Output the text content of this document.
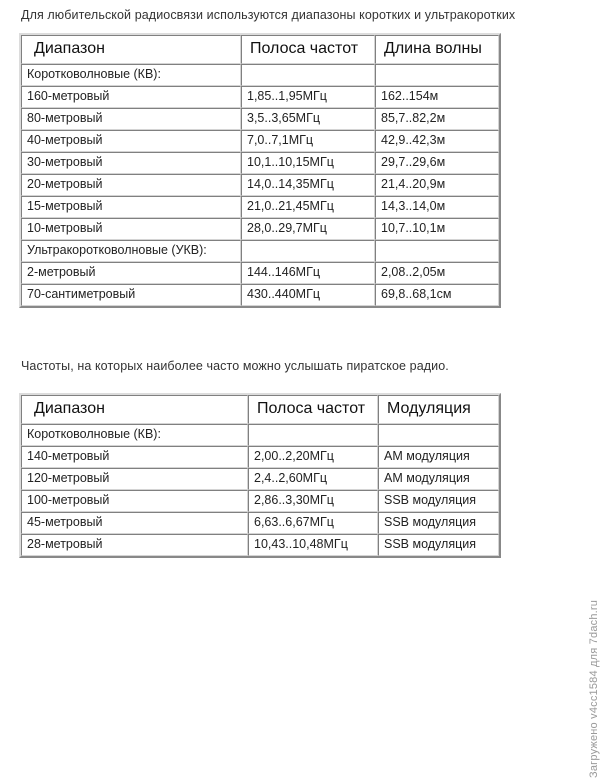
Для любительской радиосвязи используются диапазоны коротких и ультракоротких
Диапазон	Полоса частот	Длина волны
Коротковолновые (КВ):		
160-метровый	1,85..1,95МГц	162..154м
80-метровый	3,5..3,65МГц	85,7..82,2м
40-метровый	7,0..7,1МГц	42,9..42,3м
30-метровый	10,1..10,15МГц	29,7..29,6м
20-метровый	14,0..14,35МГц	21,4..20,9м
15-метровый	21,0..21,45МГц	14,3..14,0м
10-метровый	28,0..29,7МГц	10,7..10,1м
Ультракоротковолновые (УКВ):		
2-метровый	144..146МГц	2,08..2,05м
70-сантиметровый	430..440МГц	69,8..68,1см
Частоты, на которых наиболее часто можно услышать пиратское радио.
Диапазон	Полоса частот	Модуляция
Коротковолновые (КВ):		
140-метровый	2,00..2,20МГц	АМ модуляция
120-метровый	2,4..2,60МГц	АМ модуляция
100-метровый	2,86..3,30МГц	SSB модуляция
45-метровый	6,63..6,67МГц	SSB модуляция
28-метровый	10,43..10,48МГц	SSB модуляция
Загружено v4cc1584 для 7dach.ru
